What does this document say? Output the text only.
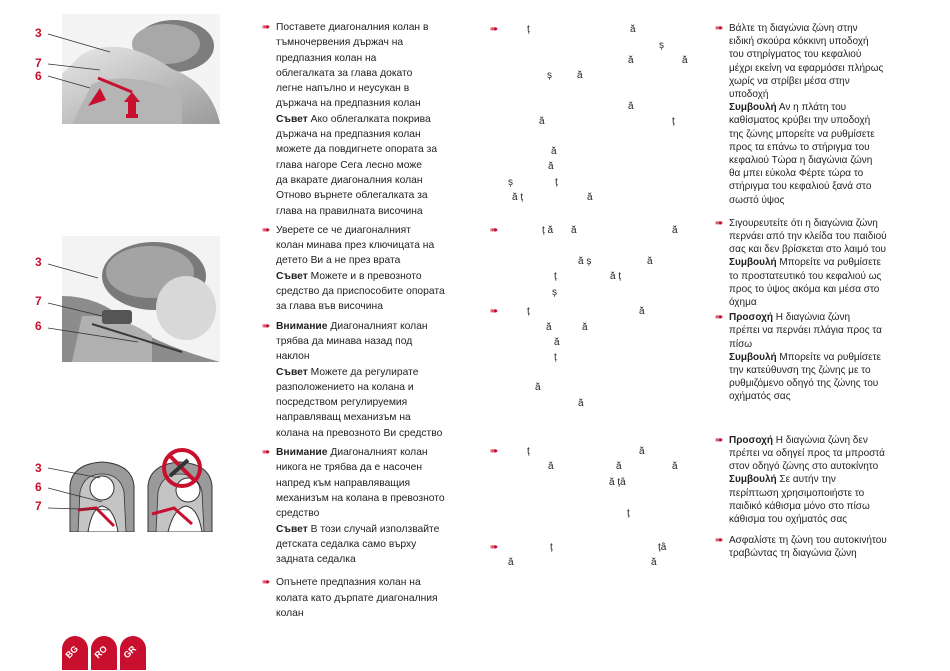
3
7
6
3
7
6
3
6
7
➠ Поставете диагоналния колан в
тъмночервения държач на
предпазния колан на
облегалката за глава докато
легне напълно и неусукан в
държача на предпазния колан
Съвет Ако облегалката покрива
държача на предпазния колан
можете да повдигнете опората за
глава нагоре Сега лесно може
да вкарате диагоналния колан
Отново върнете облегалката за
глава на правилната височина
➠ Уверете се че диагоналният
колан минава през ключицата на
детето Ви а не през врата
Съвет Можете и в превозното
средство да приспособите опората
за глава във височина
➠ Внимание Диагоналният колан
трябва да минава назад под
наклон
Съвет Можете да регулирате
разположението на колана и
посредством регулируемия
направляващ механизъм на
колана на превозното Ви средство
➠ Внимание Диагоналният колан
никога не трябва да е насочен
напред към направляващия
механизъм на колана в превозното
средство
Съвет В този случай използвайте
детската седалка само върху
задната седалка
➠ Опънете предпазния колан на
колата като дърпате диагоналния
колан
➠	ț	ă
ș
ă	ă
ș	ă
ă
ă	ț
ă
ă
ș	ț
ă ț	ă
➠	ț ă ă	ă
ă ș	ă
ț	ă ț
ș
➠	ț	ă
ă	ă
ă
ț
ă
ă
➠	ț	ă
ă	ă	ă
ă țâ
ț
➠	ț	țâ
ă	ă
➠ Βάλτε τη διαγώνια ζώνη στην
ειδική σκούρα κόκκινη υποδοχή
του στηρίγματος του κεφαλιού
μέχρι εκείνη να εφαρμόσει πλήρως
χωρίς να στρίβει μέσα στην
υποδοχή
Συμβουλή Αν η πλάτη του
καθίσματος κρύβει την υποδοχή
της ζώνης μπορείτε να ρυθμίσετε
προς τα επάνω το στήριγμα του
κεφαλιού Τώρα η διαγώνια ζώνη
θα μπει εύκολα Φέρτε τώρα το
στήριγμα του κεφαλιού ξανά στο
σωστό ύψος
➠ Σιγουρευτείτε ότι η διαγώνια ζώνη
περνάει από την κλείδα του παιδιού
σας και δεν βρίσκεται στο λαιμό του
Συμβουλή Μπορείτε να ρυθμίσετε
το προστατευτικό του κεφαλιού ως
προς το ύψος ακόμα και μέσα στο
όχημα
➠ Προσοχή Η διαγώνια ζώνη
πρέπει να περνάει πλάγια προς τα
πίσω
Συμβουλή Μπορείτε να ρυθμίσετε
την κατεύθυνση της ζώνης με το
ρυθμιζόμενο οδηγό της ζώνης του
οχήματός σας
➠ Προσοχή Η διαγώνια ζώνη δεν
πρέπει να οδηγεί προς τα μπροστά
στον οδηγό ζώνης στο αυτοκίνητο
Συμβουλή Σε αυτήν την
περίπτωση χρησιμοποιήστε το
παιδικό κάθισμα μόνο στο πίσω
κάθισμα του οχήματός σας
➠ Ασφαλίστε τη ζώνη του αυτοκινήτου
τραβώντας τη διαγώνια ζώνη
BG RO GR
